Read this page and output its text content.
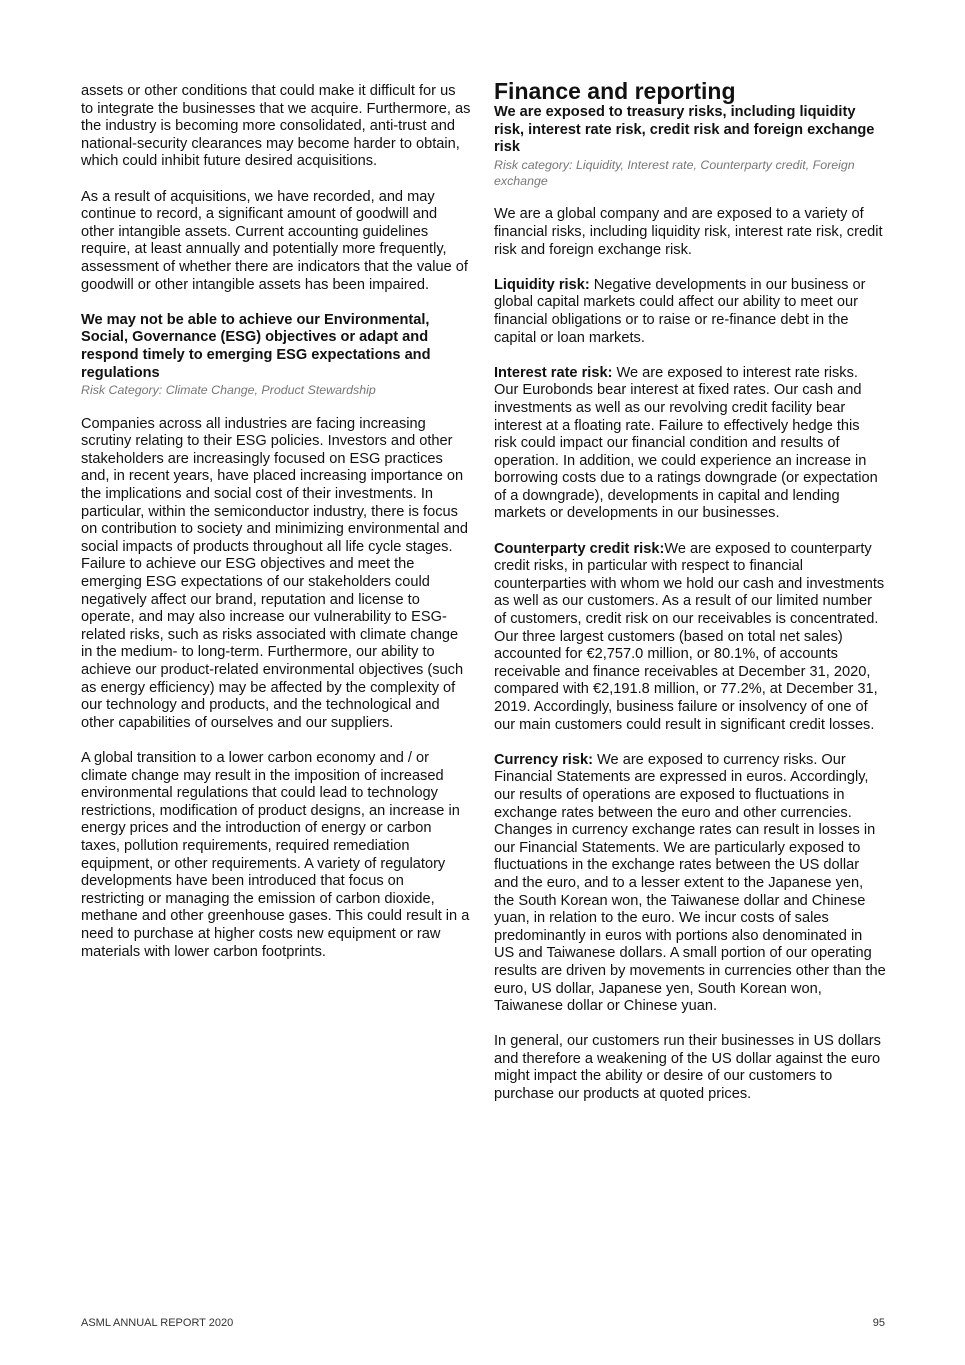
assets or other conditions that could make it difficult for us to integrate the businesses that we acquire. Furthermore, as the industry is becoming more consolidated, anti-trust and national-security clearances may become harder to obtain, which could inhibit future desired acquisitions.

As a result of acquisitions, we have recorded, and may continue to record, a significant amount of goodwill and other intangible assets. Current accounting guidelines require, at least annually and potentially more frequently, assessment of whether there are indicators that the value of goodwill or other intangible assets has been impaired.

We may not be able to achieve our Environmental, Social, Governance (ESG) objectives or adapt and respond timely to emerging ESG expectations and regulations

Risk Category: Climate Change, Product Stewardship

Companies across all industries are facing increasing scrutiny relating to their ESG policies. Investors and other stakeholders are increasingly focused on ESG practices and, in recent years, have placed increasing importance on the implications and social cost of their investments. In particular, within the semiconductor industry, there is focus on contribution to society and minimizing environmental and social impacts of products throughout all life cycle stages. Failure to achieve our ESG objectives and meet the emerging ESG expectations of our stakeholders could negatively affect our brand, reputation and license to operate, and may also increase our vulnerability to ESG-related risks, such as risks associated with climate change in the medium- to long-term. Furthermore, our ability to achieve our product-related environmental objectives (such as energy efficiency) may be affected by the complexity of our technology and products, and the technological and other capabilities of ourselves and our suppliers.

A global transition to a lower carbon economy and / or climate change may result in the imposition of increased environmental regulations that could lead to technology restrictions, modification of product designs, an increase in energy prices and the introduction of energy or carbon taxes, pollution requirements, required remediation equipment, or other requirements. A variety of regulatory developments have been introduced that focus on restricting or managing the emission of carbon dioxide, methane and other greenhouse gases. This could result in a need to purchase at higher costs new equipment or raw materials with lower carbon footprints.

Finance and reporting

We are exposed to treasury risks, including liquidity risk, interest rate risk, credit risk and foreign exchange risk

Risk category: Liquidity, Interest rate, Counterparty credit, Foreign exchange

We are a global company and are exposed to a variety of financial risks, including liquidity risk, interest rate risk, credit risk and foreign exchange risk.

Liquidity risk: Negative developments in our business or global capital markets could affect our ability to meet our financial obligations or to raise or re-finance debt in the capital or loan markets.

Interest rate risk: We are exposed to interest rate risks. Our Eurobonds bear interest at fixed rates. Our cash and investments as well as our revolving credit facility bear interest at a floating rate. Failure to effectively hedge this risk could impact our financial condition and results of operation. In addition, we could experience an increase in borrowing costs due to a ratings downgrade (or expectation of a downgrade), developments in capital and lending markets or developments in our businesses.

Counterparty credit risk:We are exposed to counterparty credit risks, in particular with respect to financial counterparties with whom we hold our cash and investments as well as our customers. As a result of our limited number of customers, credit risk on our receivables is concentrated. Our three largest customers (based on total net sales) accounted for €2,757.0 million, or 80.1%, of accounts receivable and finance receivables at December 31, 2020, compared with €2,191.8 million, or 77.2%, at December 31, 2019. Accordingly, business failure or insolvency of one of our main customers could result in significant credit losses.

Currency risk: We are exposed to currency risks. Our Financial Statements are expressed in euros. Accordingly, our results of operations are exposed to fluctuations in exchange rates between the euro and other currencies. Changes in currency exchange rates can result in losses in our Financial Statements. We are particularly exposed to fluctuations in the exchange rates between the US dollar and the euro, and to a lesser extent to the Japanese yen, the South Korean won, the Taiwanese dollar and Chinese yuan, in relation to the euro. We incur costs of sales predominantly in euros with portions also denominated in US and Taiwanese dollars. A small portion of our operating results are driven by movements in currencies other than the euro, US dollar, Japanese yen, South Korean won, Taiwanese dollar or Chinese yuan.

In general, our customers run their businesses in US dollars and therefore a weakening of the US dollar against the euro might impact the ability or desire of our customers to purchase our products at quoted prices.

ASML ANNUAL REPORT 2020	95
